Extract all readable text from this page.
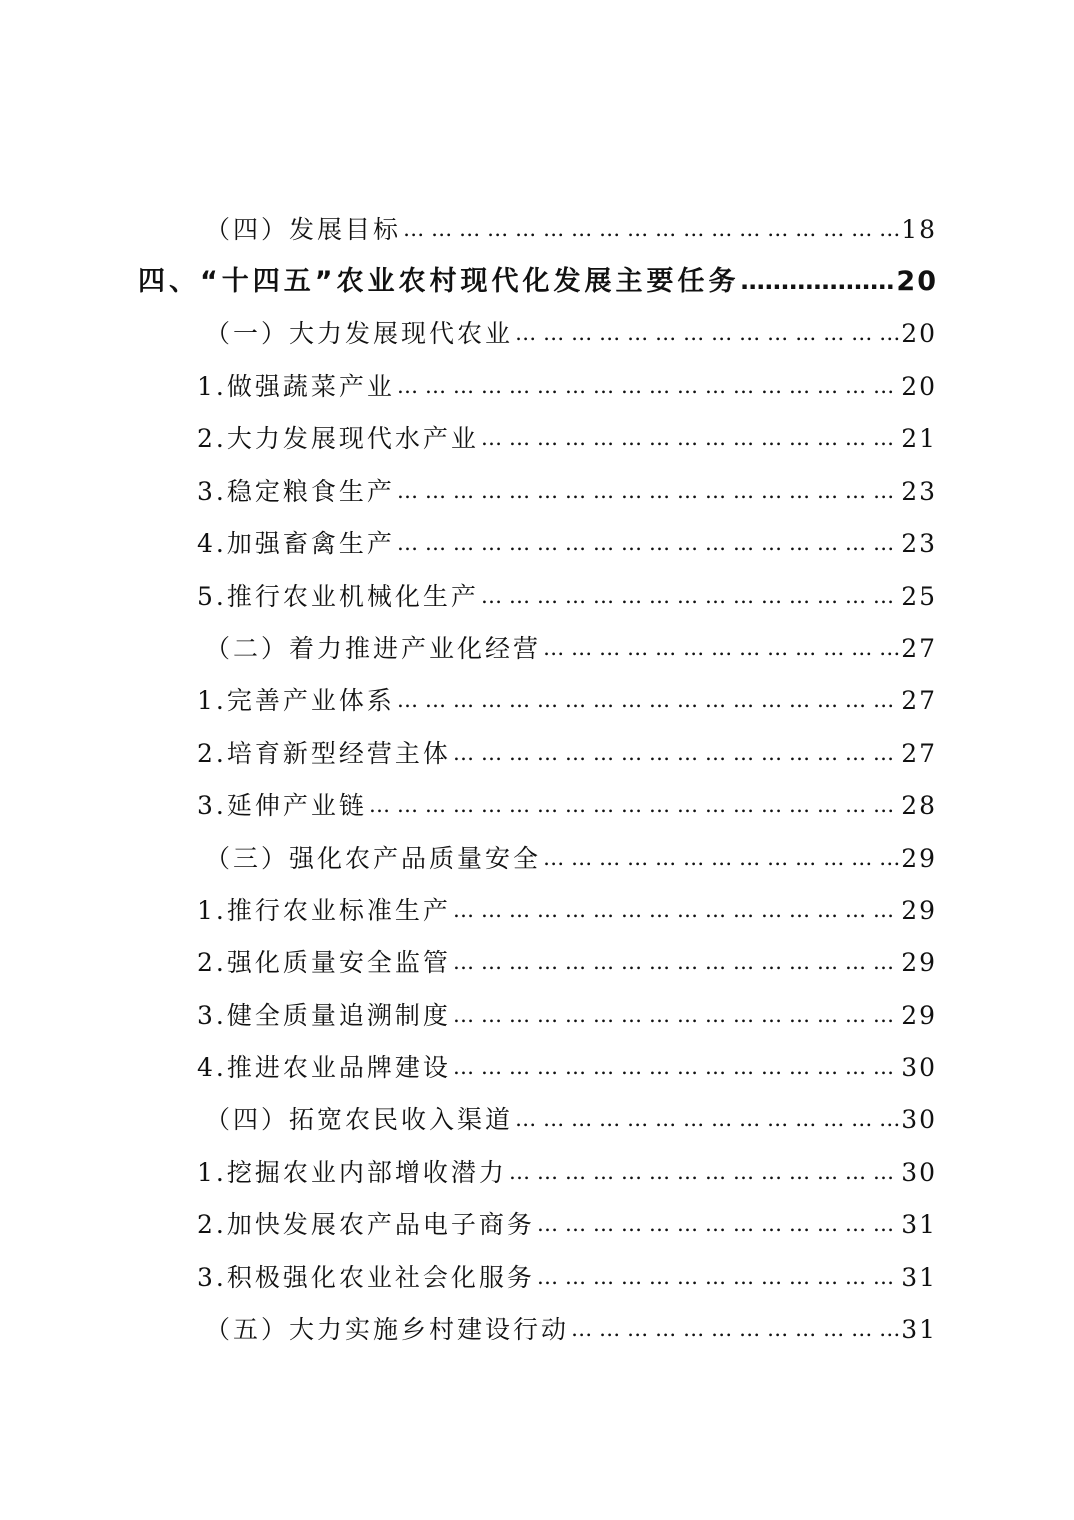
（四）发展目标 … … … … … … … … … … … … … … … … … … … … … … … … … … … … … … … … … … … … … … … … … … …	18
四、“十四五”农业农村现代化发展主要任务 …………………………………………………………………………………………	20
（一）大力发展现代农业 … … … … … … … … … … … … … … … … … … … … … … … … … … … … … … … … … … … … … … … … … … …	20
1.做强蔬菜产业 … … … … … … … … … … … … … … … … … … … … … … … … … … … … … … … … … … … … … … … … … … …	20
2.大力发展现代水产业 … … … … … … … … … … … … … … … … … … … … … … … … … … … … … … … … … … … … … … … … … … …	21
3.稳定粮食生产 … … … … … … … … … … … … … … … … … … … … … … … … … … … … … … … … … … … … … … … … … … …	23
4.加强畜禽生产 … … … … … … … … … … … … … … … … … … … … … … … … … … … … … … … … … … … … … … … … … … …	23
5.推行农业机械化生产 … … … … … … … … … … … … … … … … … … … … … … … … … … … … … … … … … … … … … … … … … … …	25
（二）着力推进产业化经营 … … … … … … … … … … … … … … … … … … … … … … … … … … … … … … … … … … … … … … … … … … …	27
1.完善产业体系 … … … … … … … … … … … … … … … … … … … … … … … … … … … … … … … … … … … … … … … … … … …	27
2.培育新型经营主体 … … … … … … … … … … … … … … … … … … … … … … … … … … … … … … … … … … … … … … … … … … …	27
3.延伸产业链 … … … … … … … … … … … … … … … … … … … … … … … … … … … … … … … … … … … … … … … … … … …	28
（三）强化农产品质量安全 … … … … … … … … … … … … … … … … … … … … … … … … … … … … … … … … … … … … … … … … … … …	29
1.推行农业标准生产 … … … … … … … … … … … … … … … … … … … … … … … … … … … … … … … … … … … … … … … … … … …	29
2.强化质量安全监管 … … … … … … … … … … … … … … … … … … … … … … … … … … … … … … … … … … … … … … … … … … …	29
3.健全质量追溯制度 … … … … … … … … … … … … … … … … … … … … … … … … … … … … … … … … … … … … … … … … … … …	29
4.推进农业品牌建设 … … … … … … … … … … … … … … … … … … … … … … … … … … … … … … … … … … … … … … … … … … …	30
（四）拓宽农民收入渠道 … … … … … … … … … … … … … … … … … … … … … … … … … … … … … … … … … … … … … … … … … … …	30
1.挖掘农业内部增收潜力 … … … … … … … … … … … … … … … … … … … … … … … … … … … … … … … … … … … … … … … … … … …	30
2.加快发展农产品电子商务 … … … … … … … … … … … … … … … … … … … … … … … … … … … … … … … … … … … … … … … … … … …	31
3.积极强化农业社会化服务 … … … … … … … … … … … … … … … … … … … … … … … … … … … … … … … … … … … … … … … … … … …	31
（五）大力实施乡村建设行动 … … … … … … … … … … … … … … … … … … … … … … … … … … … … … … … … … … … … … … … … … … …	31
